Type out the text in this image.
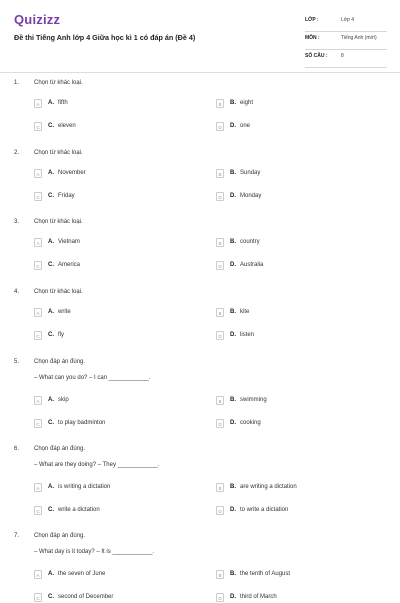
Quizizz
Đề thi Tiếng Anh lớp 4 Giữa học kì 1 có đáp án (Đề 4)
LỚP :	Lớp 4
MÔN :	Tiếng Anh (mới)
SỐ CÂU :	8
1. Chọn từ khác loại.
A	A. fifth	B	B. eight
C	C. eleven	D	D. one
2. Chọn từ khác loại.
A	A. November	B	B. Sunday
C	C. Friday	D	D. Monday
3. Chọn từ khác loại.
A	A. Vietnam	B	B. country
C	C. America	D	D. Australia
4. Chọn từ khác loại.
A	A. write	B	B. kite
C	C. fly	D	D. listen
5. Chọn đáp án đúng.
– What can you do? – I can ____________.
A	A. skip	B	B. swimming
C	C. to play badminton	D	D. cooking
6. Chọn đáp án đúng.
– What are they doing? – They ____________.
A	A. is writing a dictation	B	B. are writing a dictation
C	C. write a dictation	D	D. to write a dictation
7. Chọn đáp án đúng.
– What day is it today? – It is ____________.
A	A. the seven of June	B	B. the tenth of August
C	C. second of December	D	D. third of March
